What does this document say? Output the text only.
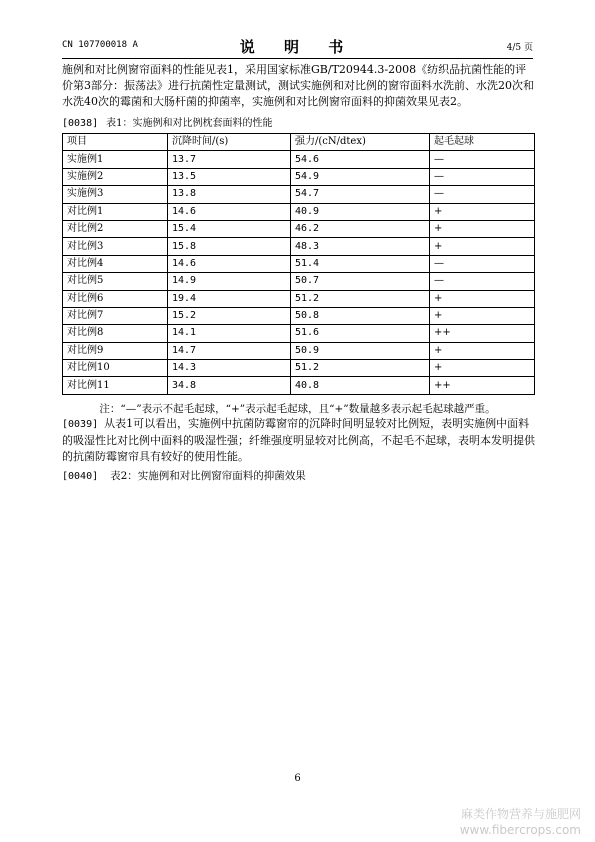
CN 107700018 A	说 明 书	4/5 页
施例和对比例窗帘面料的性能见表1，采用国家标准GB/T20944.3-2008《纺织品抗菌性能的评价第3部分：振荡法》进行抗菌性定量测试，测试实施例和对比例的窗帘面料水洗前、水洗20次和水洗40次的霉菌和大肠杆菌的抑菌率，实施例和对比例窗帘面料的抑菌效果见表2。
[0038] 表1：实施例和对比例枕套面料的性能
项目	沉降时间/(s)	强力/(cN/dtex)	起毛起球
实施例1	13.7	54.6	—
实施例2	13.5	54.9	—
实施例3	13.8	54.7	—
对比例1	14.6	40.9	+
对比例2	15.4	46.2	+
对比例3	15.8	48.3	+
对比例4	14.6	51.4	—
对比例5	14.9	50.7	—
对比例6	19.4	51.2	+
对比例7	15.2	50.8	+
对比例8	14.1	51.6	++
对比例9	14.7	50.9	+
对比例10	14.3	51.2	+
对比例11	34.8	40.8	++
注：“—”表示不起毛起球，“+”表示起毛起球，且“+”数量越多表示起毛起球越严重。
[0039] 从表1可以看出，实施例中抗菌防霉窗帘的沉降时间明显较对比例短，表明实施例中面料的吸湿性比对比例中面料的吸湿性强；纤维强度明显较对比例高，不起毛不起球，表明本发明提供的抗菌防霉窗帘具有较好的使用性能。
[0040] 表2：实施例和对比例窗帘面料的抑菌效果
6
麻类作物营养与施肥网
www.fibercrops.com
